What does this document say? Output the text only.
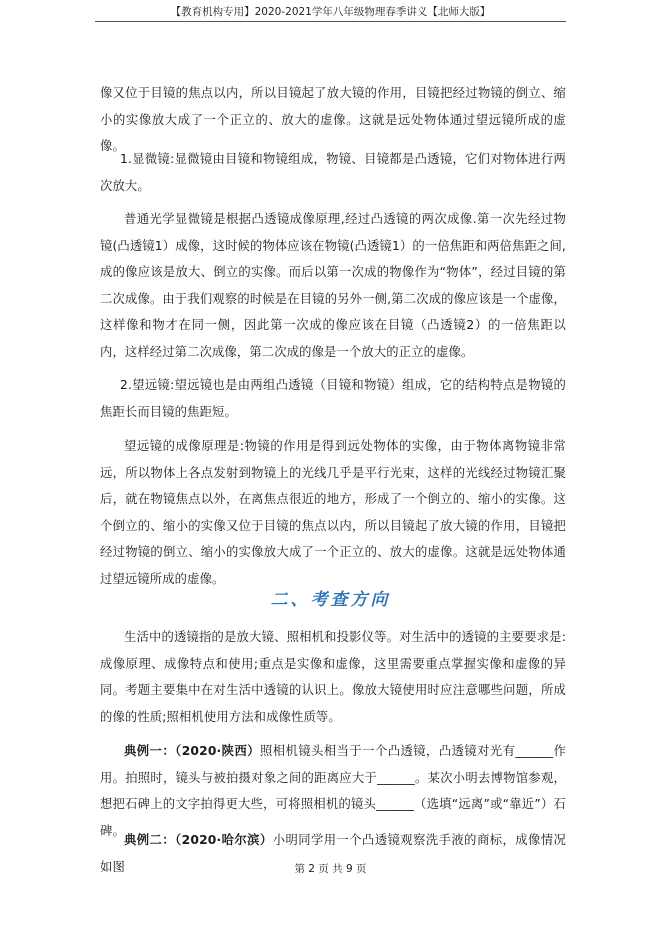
【教育机构专用】2020-2021学年八年级物理春季讲义【北师大版】

像又位于目镜的焦点以内，所以目镜起了放大镜的作用，目镜把经过物镜的倒立、缩小的实像放大成了一个正立的、放大的虚像。这就是远处物体通过望远镜所成的虚像。

1.显微镜:显微镜由目镜和物镜组成，物镜、目镜都是凸透镜，它们对物体进行两次放大。

普通光学显微镜是根据凸透镜成像原理,经过凸透镜的两次成像.第一次先经过物镜(凸透镜1）成像，这时候的物体应该在物镜(凸透镜1）的一倍焦距和两倍焦距之间,成的像应该是放大、倒立的实像。而后以第一次成的物像作为“物体”，经过目镜的第二次成像。由于我们观察的时候是在目镜的另外一侧,第二次成的像应该是一个虚像，这样像和物才在同一侧，因此第一次成的像应该在目镜（凸透镜2）的一倍焦距以内，这样经过第二次成像，第二次成的像是一个放大的正立的虚像。

2.望远镜:望远镜也是由两组凸透镜（目镜和物镜）组成，它的结构特点是物镜的焦距长而目镜的焦距短。

望远镜的成像原理是:物镜的作用是得到远处物体的实像，由于物体离物镜非常远，所以物体上各点发射到物镜上的光线几乎是平行光束，这样的光线经过物镜汇聚后，就在物镜焦点以外，在离焦点很近的地方，形成了一个倒立的、缩小的实像。这个倒立的、缩小的实像又位于目镜的焦点以内，所以目镜起了放大镜的作用，目镜把经过物镜的倒立、缩小的实像放大成了一个正立的、放大的虚像。这就是远处物体通过望远镜所成的虚像。

二、考查方向

生活中的透镜指的是放大镜、照相机和投影仪等。对生活中的透镜的主要要求是:成像原理、成像特点和使用;重点是实像和虚像，这里需要重点掌握实像和虚像的异同。考题主要集中在对生活中透镜的认识上。像放大镜使用时应注意哪些问题，所成的像的性质;照相机使用方法和成像性质等。

典例一：（2020·陕西）照相机镜头相当于一个凸透镜，凸透镜对光有______作用。拍照时，镜头与被拍摄对象之间的距离应大于______。某次小明去博物馆参观，想把石碑上的文字拍得更大些，可将照相机的镜头______（选填“远离”或“靠近”）石碑。

典例二：（2020·哈尔滨）小明同学用一个凸透镜观察洗手液的商标，成像情况如图	第 2 页 共 9 页
